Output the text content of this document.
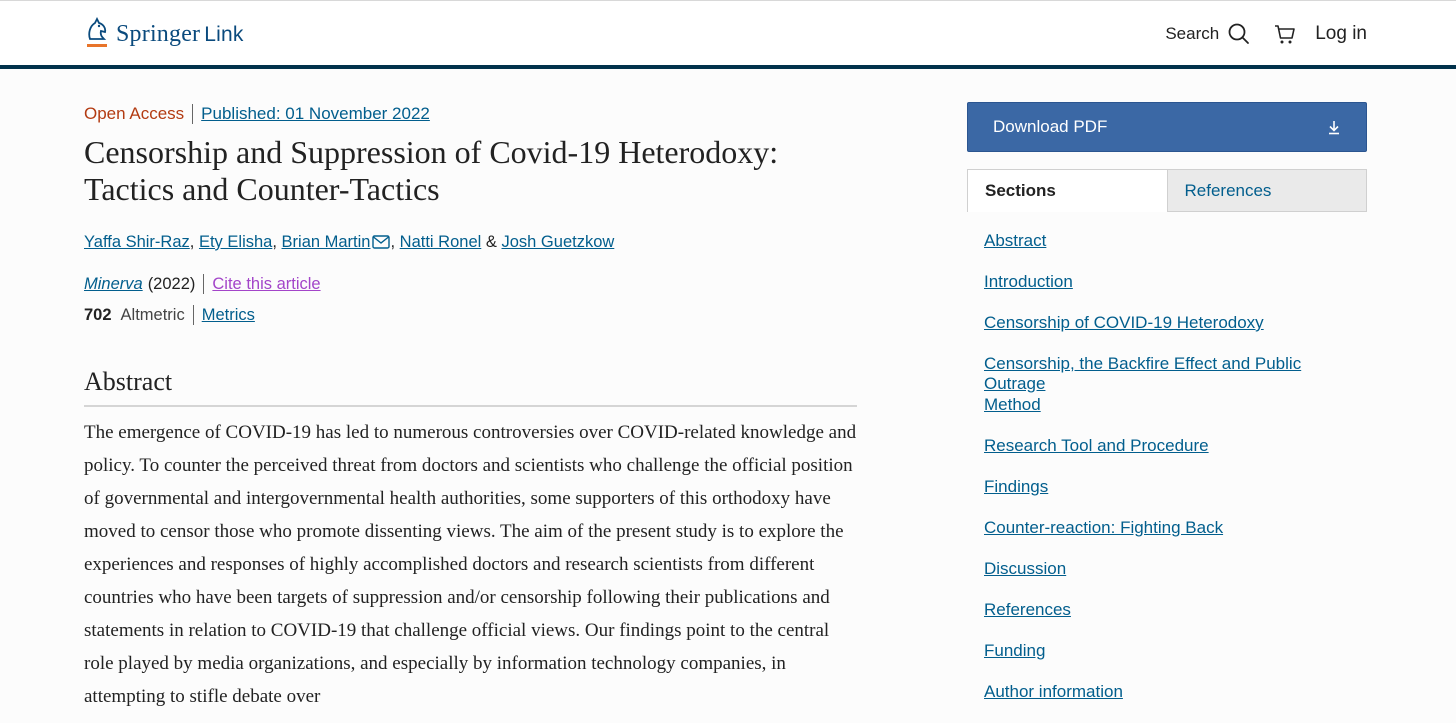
Springer Link	Search	Log in
Open Access Published: 01 November 2022
Censorship and Suppression of Covid-19 Heterodoxy:
Tactics and Counter-Tactics
Yaffa Shir-Raz, Ety Elisha, Brian Martin , Natti Ronel & Josh Guetzkow
Minerva (2022) Cite this article
702 Altmetric Metrics
Abstract
The emergence of COVID-19 has led to numerous controversies over COVID-related knowledge and policy. To counter the perceived threat from doctors and scientists who challenge the official position of governmental and intergovernmental health authorities, some supporters of this orthodoxy have moved to censor those who promote dissenting views. The aim of the present study is to explore the experiences and responses of highly accomplished doctors and research scientists from different countries who have been targets of suppression and/or censorship following their publications and statements in relation to COVID-19 that challenge official views. Our findings point to the central role played by media organizations, and especially by information technology companies, in attempting to stifle debate over
Download PDF
Sections	References
Abstract
Introduction
Censorship of COVID-19 Heterodoxy
Censorship, the Backfire Effect and Public Outrage
Method
Research Tool and Procedure
Findings
Counter-reaction: Fighting Back
Discussion
References
Funding
Author information
